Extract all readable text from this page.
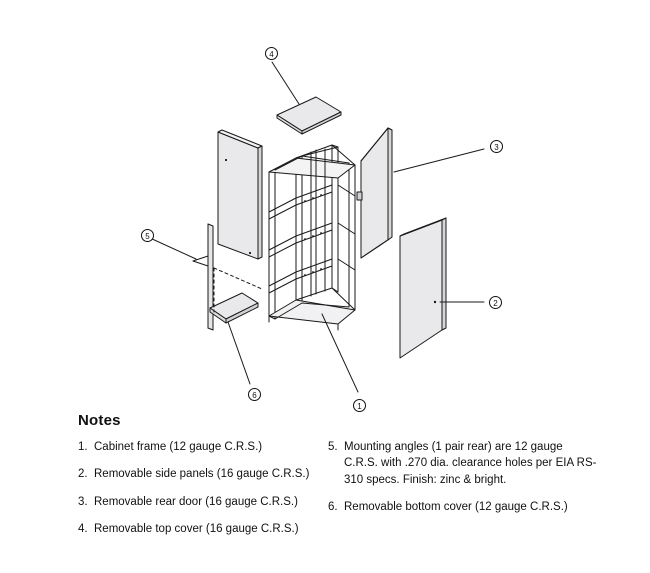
4
3
5
2
6
1
Notes
1. Cabinet frame (12 gauge C.R.S.)
2. Removable side panels (16 gauge C.R.S.)
3. Removable rear door (16 gauge C.R.S.)
4. Removable top cover (16 gauge C.R.S.)
5. Mounting angles (1 pair rear) are 12 gauge C.R.S. with .270 dia. clearance holes per EIA RS-310 specs. Finish: zinc & bright.
6. Removable bottom cover (12 gauge C.R.S.)
